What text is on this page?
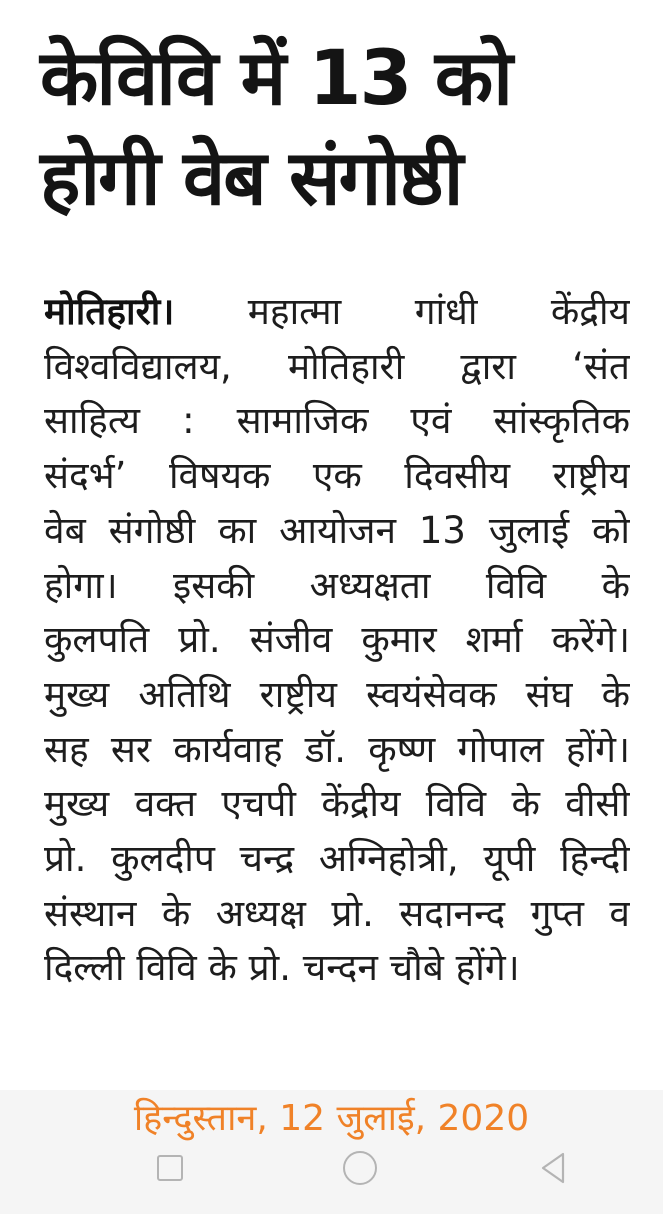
केविवि में 13 को
होगी वेब संगोष्ठी
मोतिहारी। महात्मा गांधी केंद्रीय
विश्वविद्यालय, मोतिहारी द्वारा ‘संत
साहित्य : सामाजिक एवं सांस्कृतिक
संदर्भ’ विषयक एक दिवसीय राष्ट्रीय
वेब संगोष्ठी का आयोजन 13 जुलाई को
होगा। इसकी अध्यक्षता विवि के
कुलपति प्रो. संजीव कुमार शर्मा करेंगे।
मुख्य अतिथि राष्ट्रीय स्वयंसेवक संघ के
सह सर कार्यवाह डॉ. कृष्ण गोपाल होंगे।
मुख्य वक्त एचपी केंद्रीय विवि के वीसी
प्रो. कुलदीप चन्द्र अग्निहोत्री, यूपी हिन्दी
संस्थान के अध्यक्ष प्रो. सदानन्द गुप्त व
दिल्ली विवि के प्रो. चन्दन चौबे होंगे।
हिन्दुस्तान, 12 जुलाई, 2020
